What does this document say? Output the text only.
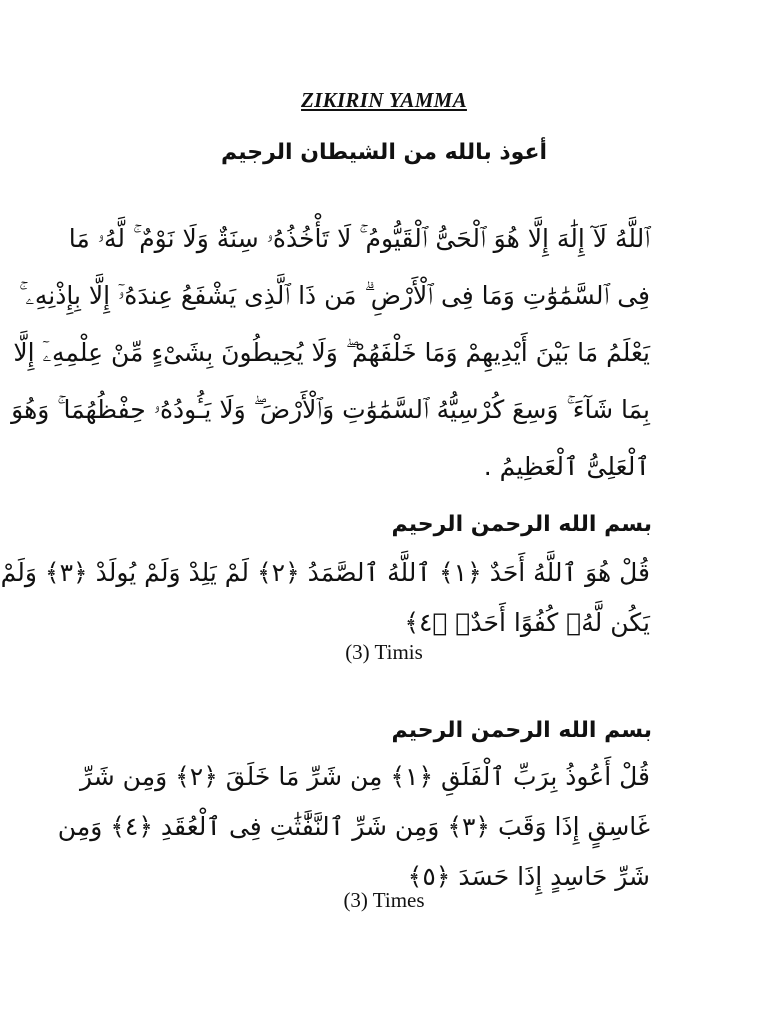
ZIKIRIN YAMMA
أعوذ بالله من الشيطان الرجيم
ٱللَّهُ لَآ إِلَٰهَ إِلَّا هُوَ ٱلْحَىُّ ٱلْقَيُّومُ ۚ لَا تَأْخُذُهُۥ سِنَةٌ وَلَا نَوْمٌ ۚ لَّهُۥ مَا
فِى ٱلسَّمَٰوَٰتِ وَمَا فِى ٱلْأَرْضِ ۗ مَن ذَا ٱلَّذِى يَشْفَعُ عِندَهُۥٓ إِلَّا بِإِذْنِهِۦ ۚ
يَعْلَمُ مَا بَيْنَ أَيْدِيهِمْ وَمَا خَلْفَهُمْ ۖ وَلَا يُحِيطُونَ بِشَىْءٍ مِّنْ عِلْمِهِۦٓ إِلَّا
بِمَا شَآءَ ۚ وَسِعَ كُرْسِيُّهُ ٱلسَّمَٰوَٰتِ وَٱلْأَرْضَ ۖ وَلَا يَـُٔودُهُۥ حِفْظُهُمَا ۚ وَهُوَ
ٱلْعَلِىُّ ٱلْعَظِيمُ .
بسم الله الرحمن الرحيم
قُلْ هُوَ ٱللَّهُ أَحَدٌ ﴿١﴾ ٱللَّهُ ٱلصَّمَدُ ﴿٢﴾ لَمْ يَلِدْ وَلَمْ يُولَدْ ﴿٣﴾ وَلَمْ
يَكُن لَّهُۥ كُفُوًا أَحَدٌۢ ﴿٤﴾
(3) Timis
بسم الله الرحمن الرحيم
قُلْ أَعُوذُ بِرَبِّ ٱلْفَلَقِ ﴿١﴾ مِن شَرِّ مَا خَلَقَ ﴿٢﴾ وَمِن شَرِّ
غَاسِقٍ إِذَا وَقَبَ ﴿٣﴾ وَمِن شَرِّ ٱلنَّفَّٰثَٰتِ فِى ٱلْعُقَدِ ﴿٤﴾ وَمِن
شَرِّ حَاسِدٍ إِذَا حَسَدَ ﴿٥﴾
(3) Times
